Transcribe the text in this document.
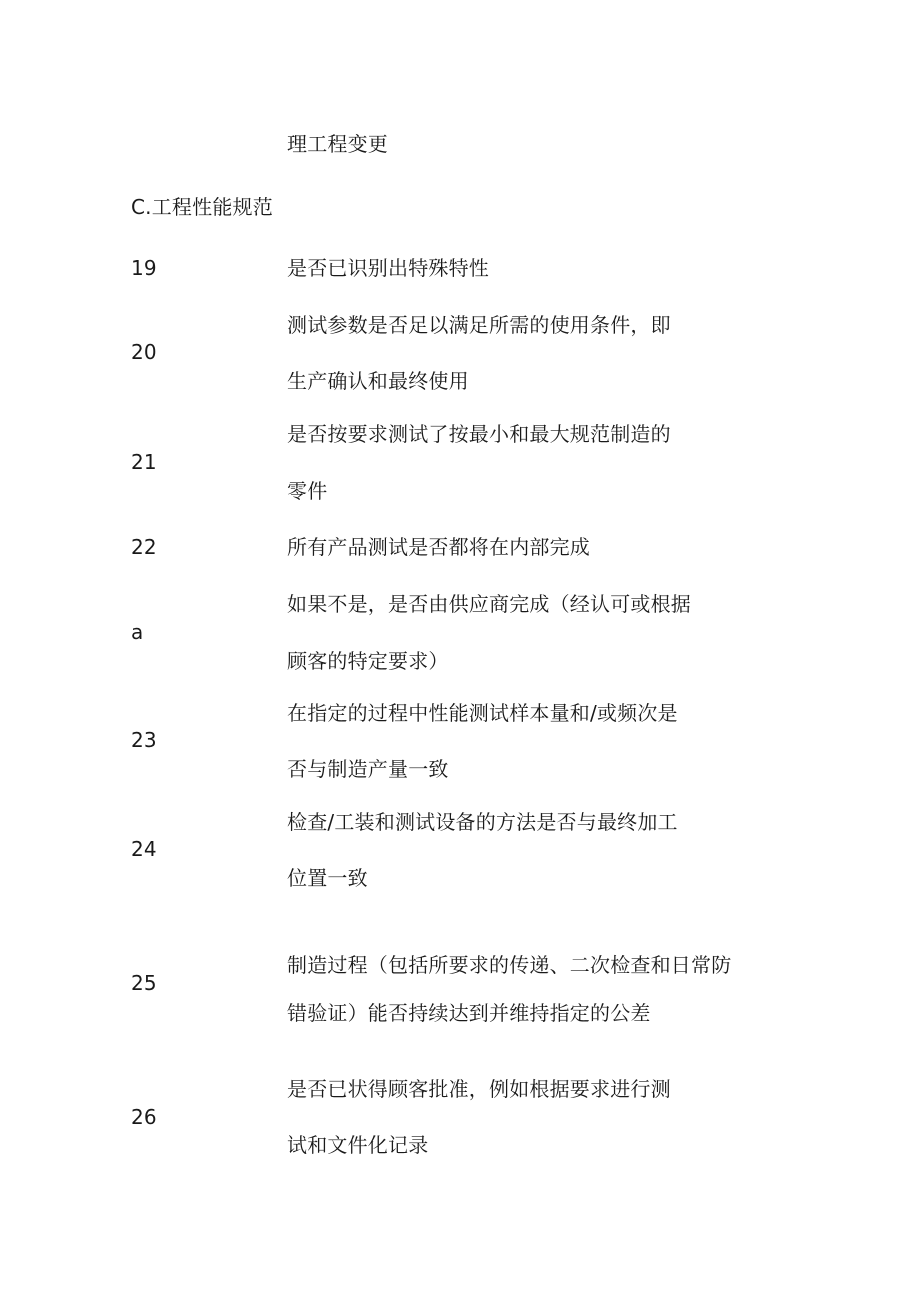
理工程变更

C.工程性能规范

19	是否已识别出特殊特性

测试参数是否足以满足所需的使用条件，即

20

生产确认和最终使用

是否按要求测试了按最小和最大规范制造的

21

零件

22	所有产品测试是否都将在内部完成

如果不是，是否由供应商完成（经认可或根据

a

顾客的特定要求）

在指定的过程中性能测试样本量和/或频次是

23

否与制造产量一致

检查/工装和测试设备的方法是否与最终加工

24

位置一致

制造过程（包括所要求的传递、二次检查和日常防

25

错验证）能否持续达到并维持指定的公差

是否已状得顾客批准，例如根据要求进行测

26

试和文件化记录
